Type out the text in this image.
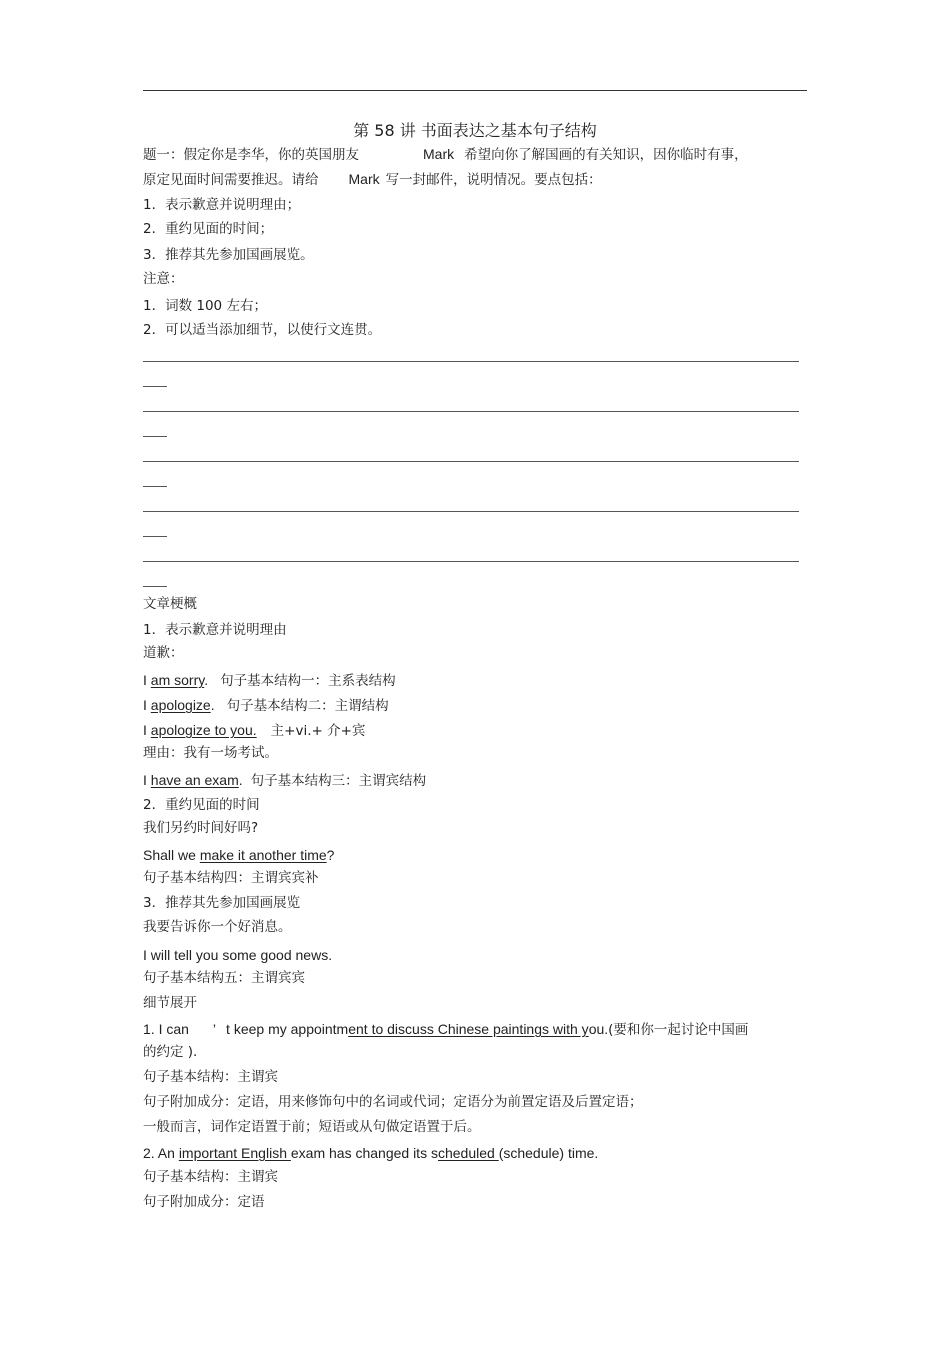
第 58 讲 书面表达之基本句子结构
题一：假定你是李华，你的英国朋友	Mark 希望向你了解国画的有关知识，因你临时有事，
原定见面时间需要推迟。请给 Mark 写一封邮件，说明情况。要点包括：
1．表示歉意并说明理由；
2．重约见面的时间；
3．推荐其先参加国画展览。
注意：
1．词数 100 左右；
2．可以适当添加细节，以使行文连贯。
文章梗概
1．表示歉意并说明理由
道歉：
I am sorry. 句子基本结构一：主系表结构
I apologize. 句子基本结构二：主谓结构
I apologize to you. 主+vi.+ 介+宾
理由：我有一场考试。
I have an exam. 句子基本结构三：主谓宾结构
2．重约见面的时间
我们另约时间好吗?
Shall we make it another time?
句子基本结构四：主谓宾宾补
3．推荐其先参加国画展览
我要告诉你一个好消息。
I will tell you some good news.
句子基本结构五：主谓宾宾
细节展开
1. I can ’ t keep my appointment to discuss Chinese paintings with you.(要和你一起讨论中国画
的约定 ).
句子基本结构：主谓宾
句子附加成分：定语，用来修饰句中的名词或代词；定语分为前置定语及后置定语；
一般而言，词作定语置于前；短语或从句做定语置于后。
2. An important English exam has changed its scheduled (schedule) time.
句子基本结构：主谓宾
句子附加成分：定语
